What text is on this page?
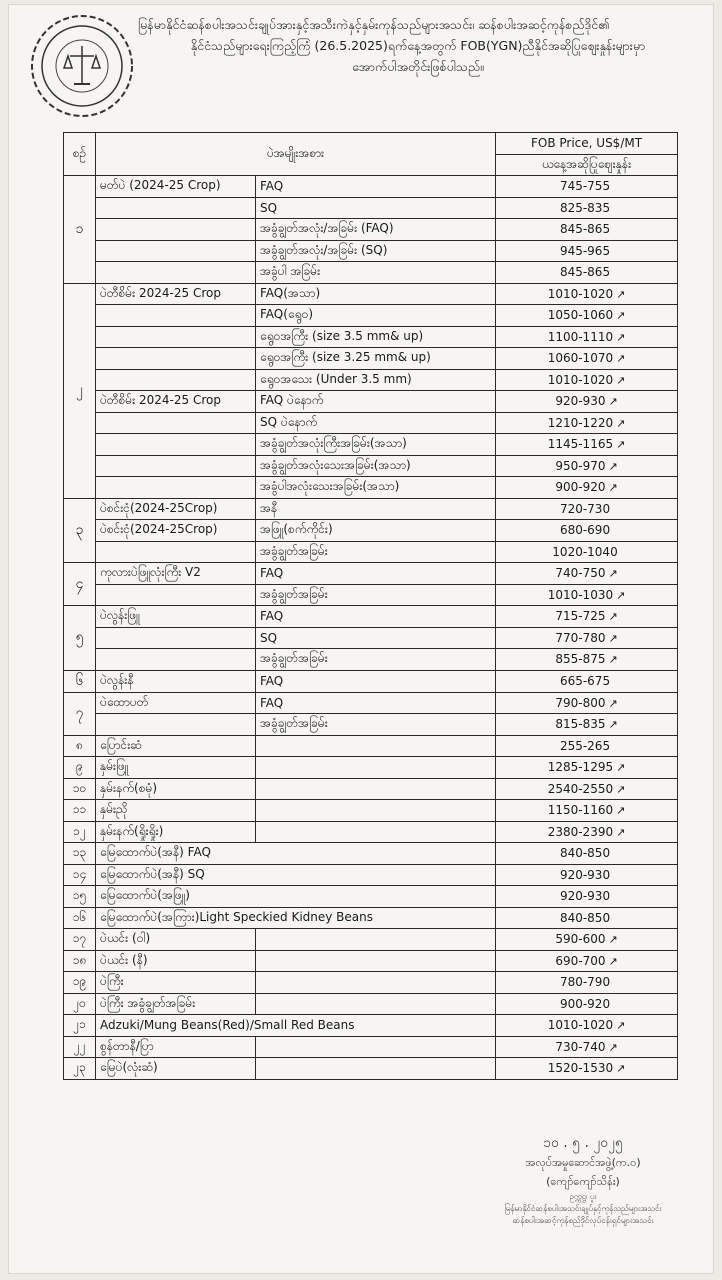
မြန်မာနိုင်ငံဆန်စပါးအသင်းချုပ်အားနှင့်အသီးကဲနှင့်နှမ်းကုန်သည်များအသင်း၊ ဆန်စပါးအဆင့်ကုန်စည်ဒိုင်၏
နိုင်ငံသည်များရေးကြည့်ကြံ (26.5.2025)ရက်နေ့အတွက် FOB(YGN)ညီနိုင်အဆိုပြုဈေးနှုန်းများမှာ
အောက်ပါအတိုင်းဖြစ်ပါသည်။
စဉ်	ပဲအမျိုးအစား		FOB Price, US$/MT
			ယနေ့အဆိုပြုဈေးနှုန်း
၁	မတ်ပဲ (2024-25 Crop)	FAQ	745-755
		SQ	825-835
		အခွံချွတ်အလုံး/အခြမ်း (FAQ)	845-865
		အခွံချွတ်အလုံး/အခြမ်း (SQ)	945-965
		အခွံပါ အခြမ်း	845-865
၂	ပဲတီစိမ်း 2024-25 Crop	FAQ(အသာ)	1010-1020 ↗
		FAQ(ရွေ၀)	1050-1060 ↗
		ရွေ၀အကြီး (size 3.5 mm& up)	1100-1110 ↗
		ရွေ၀အကြီး (size 3.25 mm& up)	1060-1070 ↗
		ရွေ၀အသေး (Under 3.5 mm)	1010-1020 ↗
	ပဲတီစိမ်း 2024-25 Crop	FAQ ပဲနောက်	920-930 ↗
		SQ ပဲနောက်	1210-1220 ↗
		အခွံချွတ်အလုံးကြီးအခြမ်း(အသာ)	1145-1165 ↗
		အခွံချွတ်အလုံးသေးအခြမ်း(အသာ)	950-970 ↗
		အခွံပါအလုံးသေးအခြမ်း(အသာ)	900-920 ↗
၃	ပဲစင်းငုံ(2024-25Crop)	အနီ	720-730
	ပဲစင်းငုံ(2024-25Crop)	အဖြူ(စက်ကိုင်း)	680-690
		အခွံချွတ်အခြမ်း	1020-1040
၄	ကုလားပဲဖြူလုံးကြီး V2	FAQ	740-750 ↗
		အခွံချွတ်အခြမ်း	1010-1030 ↗
၅	ပဲလွန်းဖြူ	FAQ	715-725 ↗
		SQ	770-780 ↗
		အခွံချွတ်အခြမ်း	855-875 ↗
၆	ပဲလွန်းနီ	FAQ	665-675
၇	ပဲထောပတ်	FAQ	790-800 ↗
		အခွံချွတ်အခြမ်း	815-835 ↗
၈	ပြောင်းဆံ		255-265
၉	နှမ်းဖြူ		1285-1295 ↗
၁၀	နှမ်းနက်(စမုံ)		2540-2550 ↗
၁၁	နှမ်းညို		1150-1160 ↗
၁၂	နှမ်းနက်(ရှိုးရှိုး)		2380-2390 ↗
၁၃	မြေထောက်ပဲ(အနီ) FAQ		840-850
၁၄	မြေထောက်ပဲ(အနီ) SQ		920-930
၁၅	မြေထောက်ပဲ(အဖြူ)		920-930
၁၆	မြေထောက်ပဲ(အကြား)Light Speckied Kidney Beans		840-850
၁၇	ပဲယင်း (ဝါ)		590-600 ↗
၁၈	ပဲယင်း (နီ)		690-700 ↗
၁၉	ပဲကြီး		780-790
၂၀	ပဲကြီး အခွံချွတ်အခြမ်း		900-920
၂၁	Adzuki/Mung Beans(Red)/Small Red Beans		1010-1020 ↗
၂၂	စွန်တာနီ/ပြာ		730-740 ↗
၂၃	မြေပဲ(လုံးဆံ)		1520-1530 ↗
၁၀ . ၅ . ၂၀၂၅
အလုပ်အမှုဆောင်အဖွဲ့(က.၀)
(ကျော်ကျော်သိန်း)
ဥက္ကဋ္ဌ၊ ပူး
မြန်မာနိုင်ငံဆန်စပါးအသင်းချုပ်နှင့်ကုန်သည်များအသင်း
ဆန်စပါးအဆင့်ကုန်စည်ဒိုင်လုပ်ငန်းရှင်များအသင်း
